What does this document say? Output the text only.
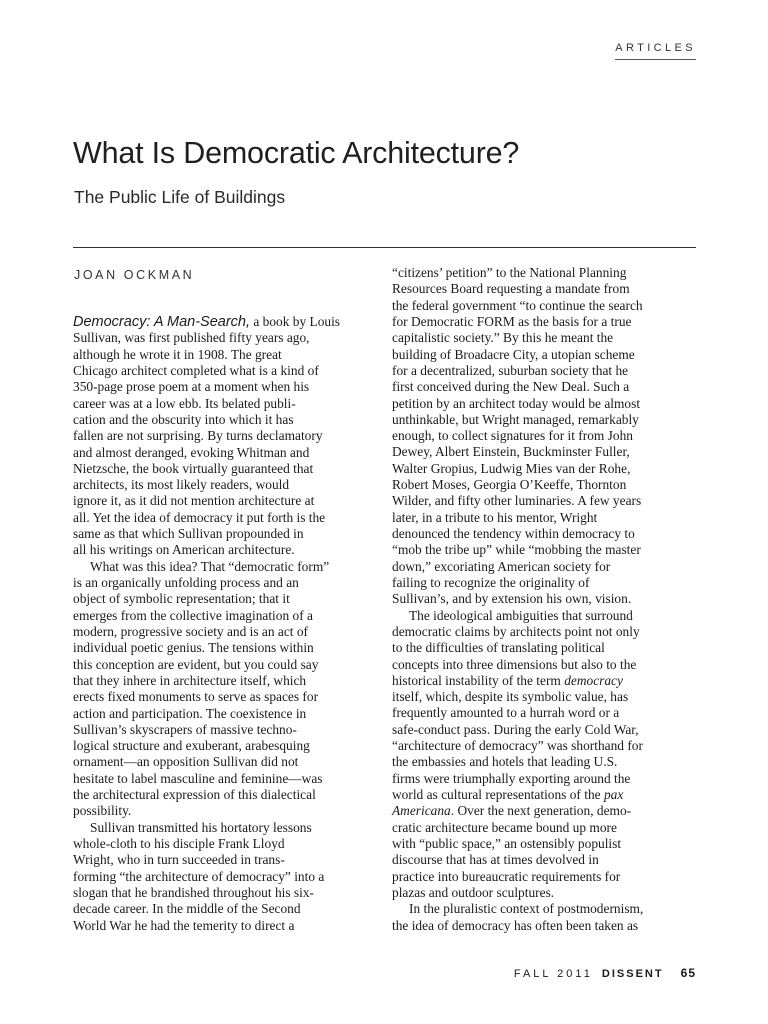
ARTICLES
What Is Democratic Architecture?
The Public Life of Buildings
JOAN OCKMAN

Democracy: A Man-Search, a book by Louis

Sullivan, was first published fifty years ago,

although he wrote it in 1908. The great

Chicago architect completed what is a kind of

350-page prose poem at a moment when his

career was at a low ebb. Its belated publi-

cation and the obscurity into which it has

fallen are not surprising. By turns declamatory

and almost deranged, evoking Whitman and

Nietzsche, the book virtually guaranteed that

architects, its most likely readers, would

ignore it, as it did not mention architecture at

all. Yet the idea of democracy it put forth is the

same as that which Sullivan propounded in

all his writings on American architecture.

What was this idea? That “democratic form”

is an organically unfolding process and an

object of symbolic representation; that it

emerges from the collective imagination of a

modern, progressive society and is an act of

individual poetic genius. The tensions within

this conception are evident, but you could say

that they inhere in architecture itself, which

erects fixed monuments to serve as spaces for

action and participation. The coexistence in

Sullivan’s skyscrapers of massive techno-

logical structure and exuberant, arabesquing

ornament—an opposition Sullivan did not

hesitate to label masculine and feminine—was

the architectural expression of this dialectical

possibility.

Sullivan transmitted his hortatory lessons

whole-cloth to his disciple Frank Lloyd

Wright, who in turn succeeded in trans-

forming “the architecture of democracy” into a

slogan that he brandished throughout his six-

decade career. In the middle of the Second

World War he had the temerity to direct a

“citizens’ petition” to the National Planning

Resources Board requesting a mandate from

the federal government “to continue the search

for Democratic FORM as the basis for a true

capitalistic society.” By this he meant the

building of Broadacre City, a utopian scheme

for a decentralized, suburban society that he

first conceived during the New Deal. Such a

petition by an architect today would be almost

unthinkable, but Wright managed, remarkably

enough, to collect signatures for it from John

Dewey, Albert Einstein, Buckminster Fuller,

Walter Gropius, Ludwig Mies van der Rohe,

Robert Moses, Georgia O’Keeffe, Thornton

Wilder, and fifty other luminaries. A few years

later, in a tribute to his mentor, Wright

denounced the tendency within democracy to

“mob the tribe up” while “mobbing the master

down,” excoriating American society for

failing to recognize the originality of

Sullivan’s, and by extension his own, vision.

The ideological ambiguities that surround

democratic claims by architects point not only

to the difficulties of translating political

concepts into three dimensions but also to the

historical instability of the term democracy

itself, which, despite its symbolic value, has

frequently amounted to a hurrah word or a

safe-conduct pass. During the early Cold War,

“architecture of democracy” was shorthand for

the embassies and hotels that leading U.S.

firms were triumphally exporting around the

world as cultural representations of the pax

Americana. Over the next generation, demo-

cratic architecture became bound up more

with “public space,” an ostensibly populist

discourse that has at times devolved in

practice into bureaucratic requirements for

plazas and outdoor sculptures.

In the pluralistic context of postmodernism,

the idea of democracy has often been taken as

FALL 2011 DISSENT 65
